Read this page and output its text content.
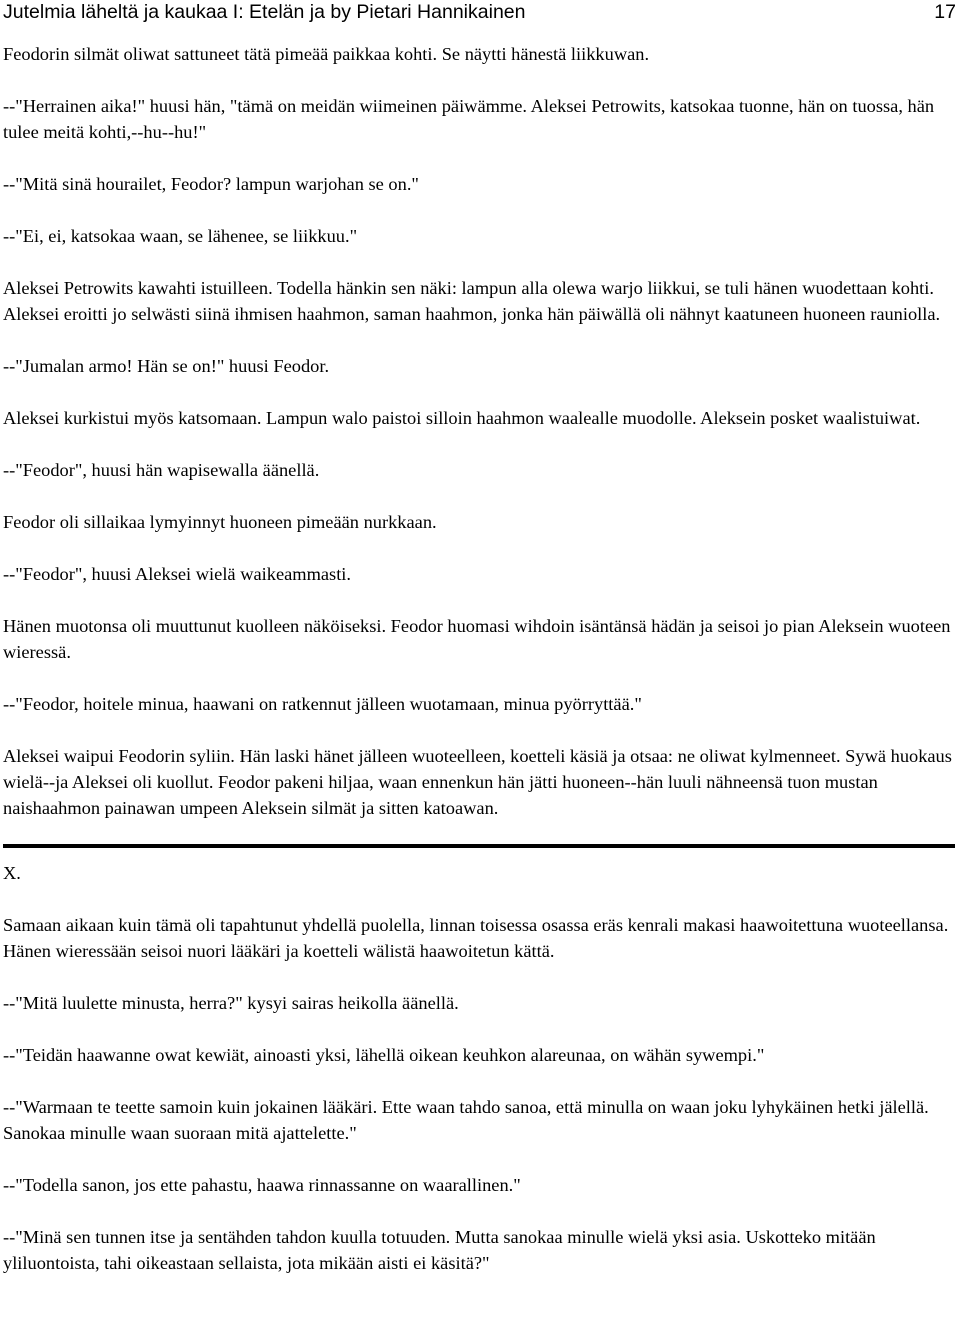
Jutelmia läheltä ja kaukaa I: Etelän ja by Pietari Hannikainen	17

Feodorin silmät oliwat sattuneet tätä pimeää paikkaa kohti. Se näytti hänestä liikkuwan.

--"Herrainen aika!" huusi hän, "tämä on meidän wiimeinen päiwämme. Aleksei Petrowits, katsokaa tuonne, hän on tuossa, hän tulee meitä kohti,--hu--hu!"

--"Mitä sinä hourailet, Feodor? lampun warjohan se on."

--"Ei, ei, katsokaa waan, se lähenee, se liikkuu."

Aleksei Petrowits kawahti istuilleen. Todella hänkin sen näki: lampun alla olewa warjo liikkui, se tuli hänen wuodettaan kohti. Aleksei eroitti jo selwästi siinä ihmisen haahmon, saman haahmon, jonka hän päiwällä oli nähnyt kaatuneen huoneen rauniolla.

--"Jumalan armo! Hän se on!" huusi Feodor.

Aleksei kurkistui myös katsomaan. Lampun walo paistoi silloin haahmon waalealle muodolle. Aleksein posket waalistuiwat.

--"Feodor", huusi hän wapisewalla äänellä.

Feodor oli sillaikaa lymyinnyt huoneen pimeään nurkkaan.

--"Feodor", huusi Aleksei wielä waikeammasti.

Hänen muotonsa oli muuttunut kuolleen näköiseksi. Feodor huomasi wihdoin isäntänsä hädän ja seisoi jo pian Aleksein wuoteen wieressä.

--"Feodor, hoitele minua, haawani on ratkennut jälleen wuotamaan, minua pyörryttää."

Aleksei waipui Feodorin syliin. Hän laski hänet jälleen wuoteelleen, koetteli käsiä ja otsaa: ne oliwat kylmenneet. Sywä huokaus wielä--ja Aleksei oli kuollut. Feodor pakeni hiljaa, waan ennenkun hän jätti huoneen--hän luuli nähneensä tuon mustan naishaahmon painawan umpeen Aleksein silmät ja sitten katoawan.

X.

Samaan aikaan kuin tämä oli tapahtunut yhdellä puolella, linnan toisessa osassa eräs kenrali makasi haawoitettuna wuoteellansa. Hänen wieressään seisoi nuori lääkäri ja koetteli wälistä haawoitetun kättä.

--"Mitä luulette minusta, herra?" kysyi sairas heikolla äänellä.

--"Teidän haawanne owat kewiät, ainoasti yksi, lähellä oikean keuhkon alareunaa, on wähän sywempi."

--"Warmaan te teette samoin kuin jokainen lääkäri. Ette waan tahdo sanoa, että minulla on waan joku lyhykäinen hetki jälellä. Sanokaa minulle waan suoraan mitä ajattelette."

--"Todella sanon, jos ette pahastu, haawa rinnassanne on waarallinen."

--"Minä sen tunnen itse ja sentähden tahdon kuulla totuuden. Mutta sanokaa minulle wielä yksi asia. Uskotteko mitään yliluontoista, tahi oikeastaan sellaista, jota mikään aisti ei käsitä?"
